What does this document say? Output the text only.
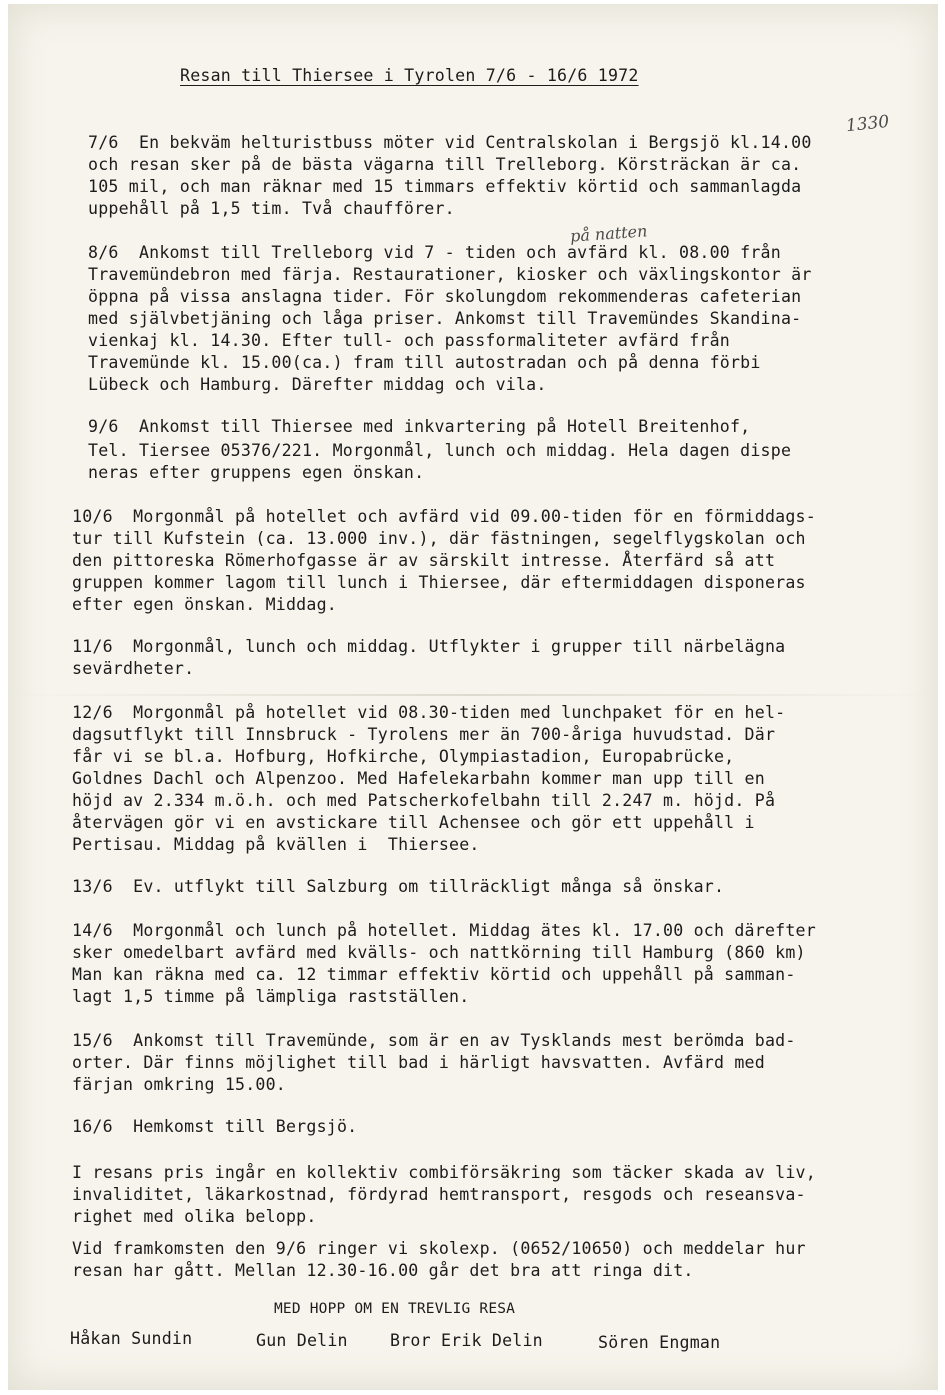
Resan till Thiersee i Tyrolen 7/6 - 16/6 1972
1330
på natten

7/6  En bekväm helturistbuss möter vid Centralskolan i Bergsjö kl.14.00

och resan sker på de bästa vägarna till Trelleborg. Körsträckan är ca.

105 mil, och man räknar med 15 timmars effektiv körtid och sammanlagda

uppehåll på 1,5 tim. Två chaufförer.

8/6  Ankomst till Trelleborg vid 7 - tiden och avfärd kl. 08.00 från

Travemündebron med färja. Restaurationer, kiosker och växlingskontor är

öppna på vissa anslagna tider. För skolungdom rekommenderas cafeterian

med självbetjäning och låga priser. Ankomst till Travemündes Skandina-

vienkaj kl. 14.30. Efter tull- och passformaliteter avfärd från

Travemünde kl. 15.00(ca.) fram till autostradan och på denna förbi

Lübeck och Hamburg. Därefter middag och vila.

9/6  Ankomst till Thiersee med inkvartering på Hotell Breitenhof,

Tel. Tiersee 05376/221. Morgonmål, lunch och middag. Hela dagen dispe

neras efter gruppens egen önskan.

10/6  Morgonmål på hotellet och avfärd vid 09.00-tiden för en förmiddags-

tur till Kufstein (ca. 13.000 inv.), där fästningen, segelflygskolan och

den pittoreska Römerhofgasse är av särskilt intresse. Återfärd så att

gruppen kommer lagom till lunch i Thiersee, där eftermiddagen disponeras

efter egen önskan. Middag.

11/6  Morgonmål, lunch och middag. Utflykter i grupper till närbelägna

sevärdheter.

12/6  Morgonmål på hotellet vid 08.30-tiden med lunchpaket för en hel-

dagsutflykt till Innsbruck - Tyrolens mer än 700-åriga huvudstad. Där

får vi se bl.a. Hofburg, Hofkirche, Olympiastadion, Europabrücke,

Goldnes Dachl och Alpenzoo. Med Hafelekarbahn kommer man upp till en

höjd av 2.334 m.ö.h. och med Patscherkofelbahn till 2.247 m. höjd. På

återvägen gör vi en avstickare till Achensee och gör ett uppehåll i

Pertisau. Middag på kvällen i  Thiersee.

13/6  Ev. utflykt till Salzburg om tillräckligt många så önskar.

14/6  Morgonmål och lunch på hotellet. Middag ätes kl. 17.00 och därefter

sker omedelbart avfärd med kvälls- och nattkörning till Hamburg (860 km)

Man kan räkna med ca. 12 timmar effektiv körtid och uppehåll på samman-

lagt 1,5 timme på lämpliga rastställen.

15/6  Ankomst till Travemünde, som är en av Tysklands mest berömda bad-

orter. Där finns möjlighet till bad i härligt havsvatten. Avfärd med

färjan omkring 15.00.

16/6  Hemkomst till Bergsjö.

I resans pris ingår en kollektiv combiförsäkring som täcker skada av liv,

invaliditet, läkarkostnad, fördyrad hemtransport, resgods och reseansva-

righet med olika belopp.

Vid framkomsten den 9/6 ringer vi skolexp. (0652/10650) och meddelar hur

resan har gått. Mellan 12.30-16.00 går det bra att ringa dit.

MED HOPP OM EN TREVLIG RESA

Håkan Sundin	Gun Delin	Bror Erik Delin	Sören Engman
